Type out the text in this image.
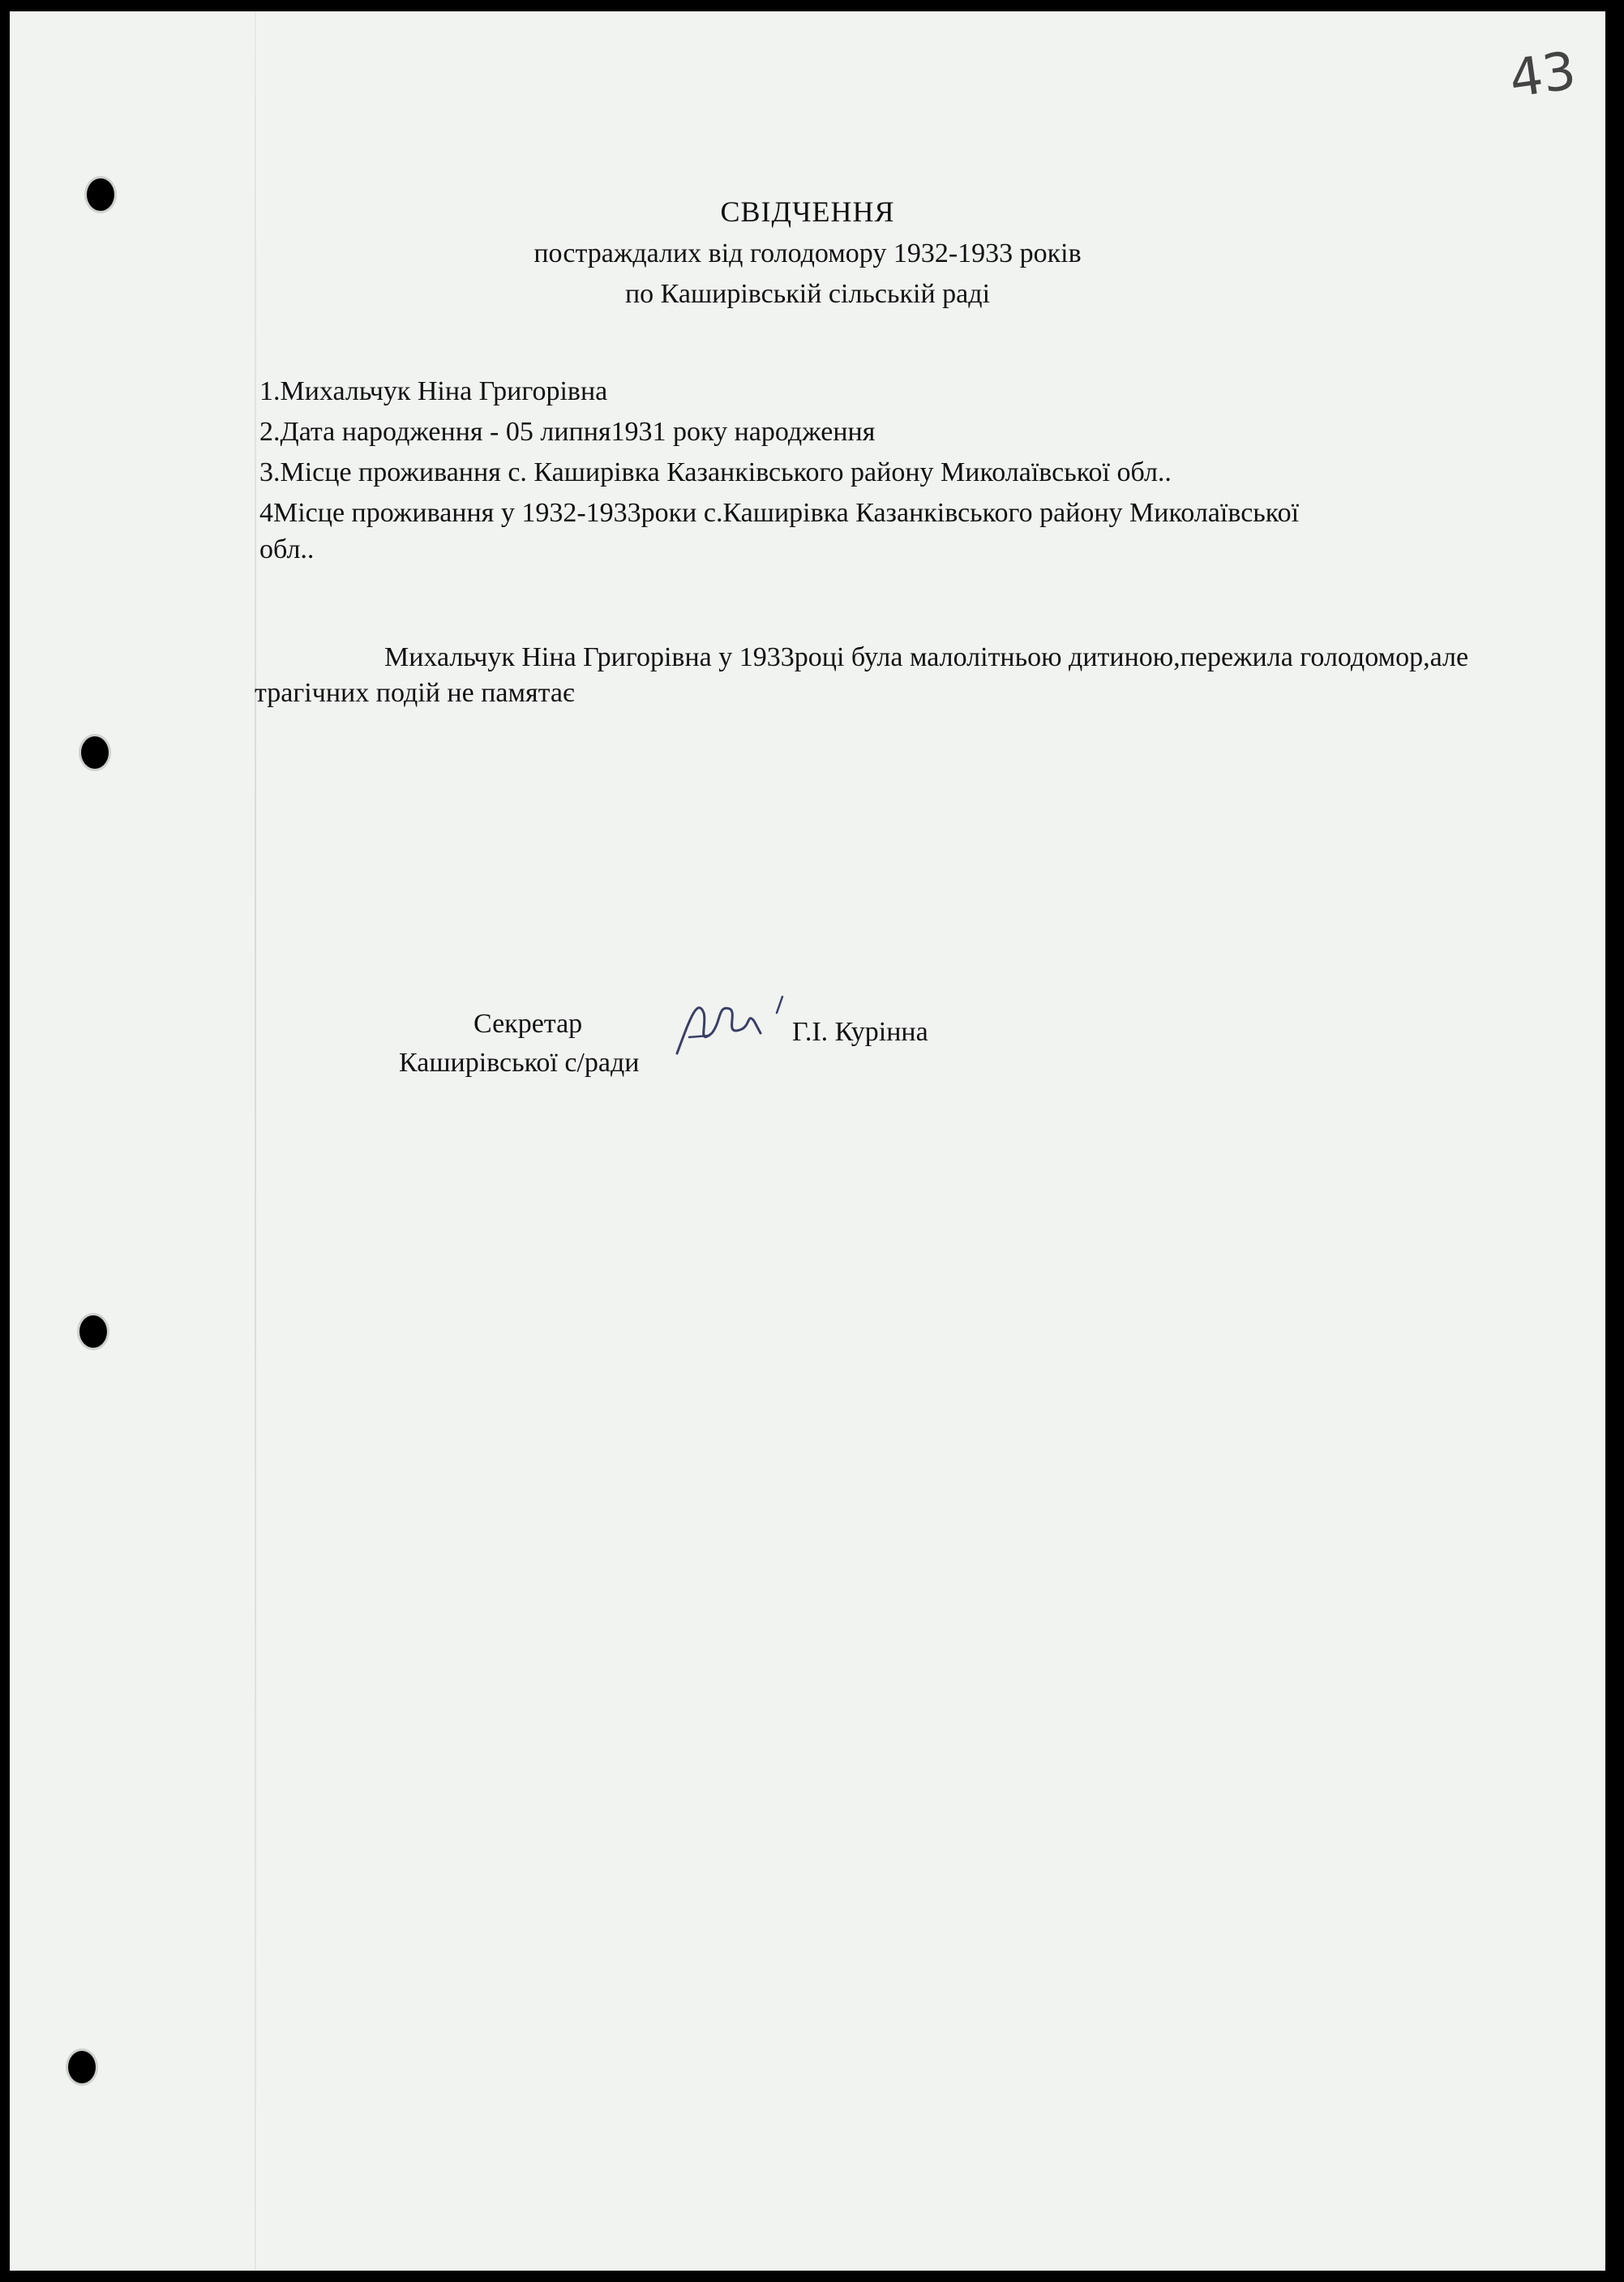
43
СВІДЧЕННЯ
постраждалих від голодомору 1932-1933 років
по Каширівській сільській раді
1.Михальчук Ніна Григорівна
2.Дата народження - 05 липня1931 року народження
3.Місце проживання с. Каширівка Казанківського району Миколаївської обл..
4Місце проживання у 1932-1933роки с.Каширівка Казанківського району Миколаївської
обл..
Михальчук Ніна Григорівна у 1933році була малолітньою дитиною,пережила голодомор,але трагічних подій не памятає
Секретар
Каширівської с/ради
Г.І. Курінна
